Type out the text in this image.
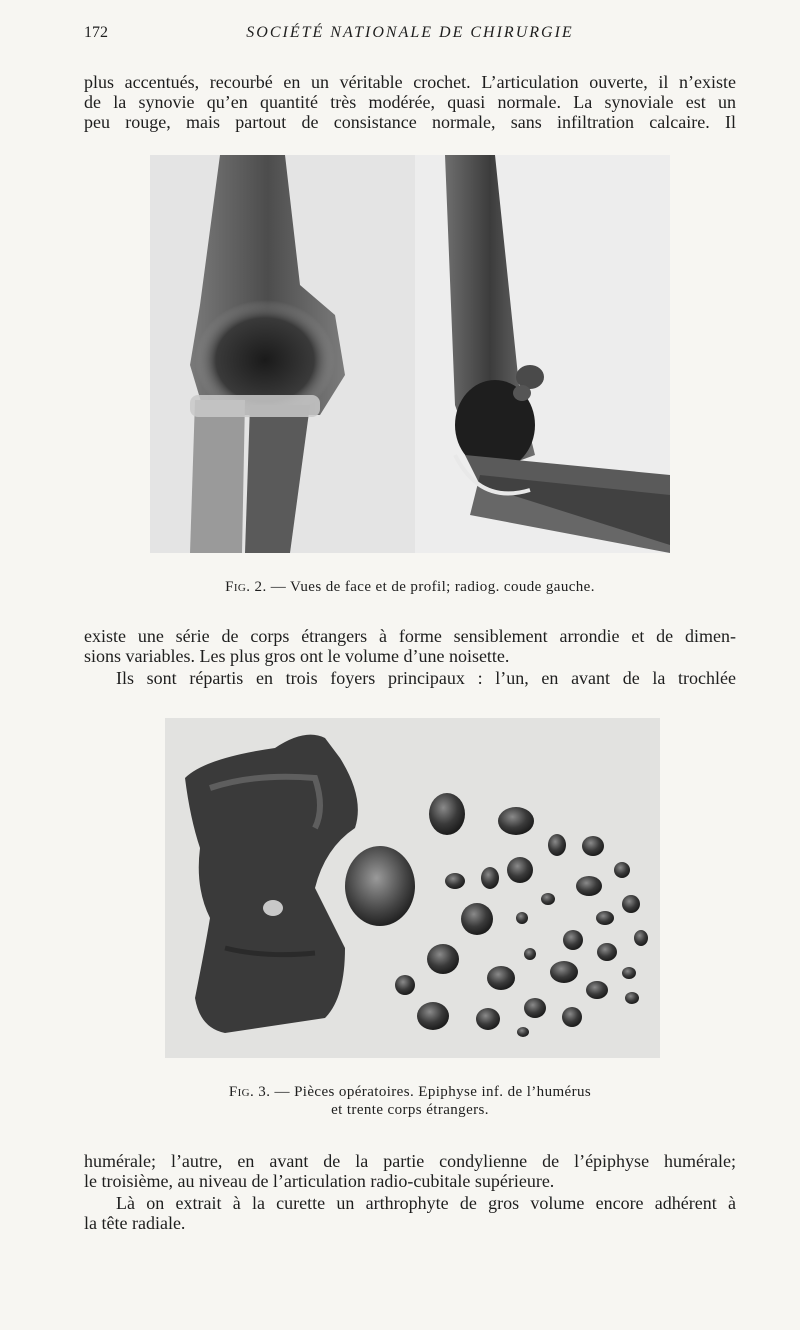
172	SOCIÉTÉ NATIONALE DE CHIRURGIE

plus accentués, recourbé en un véritable crochet. L’articulation ouverte, il n’existe

de la synovie qu’en quantité très modérée, quasi normale. La synoviale est un

peu rouge, mais partout de consistance normale, sans infiltration calcaire. Il

Fig. 2. — Vues de face et de profil; radiog. coude gauche.

existe une série de corps étrangers à forme sensiblement arrondie et de dimen-

sions variables. Les plus gros ont le volume d’une noisette.

Ils sont répartis en trois foyers principaux : l’un, en avant de la trochlée

Fig. 3. — Pièces opératoires. Epiphyse inf. de l’humérus
et trente corps étrangers.

humérale; l’autre, en avant de la partie condylienne de l’épiphyse humérale;

le troisième, au niveau de l’articulation radio-cubitale supérieure.

Là on extrait à la curette un arthrophyte de gros volume encore adhérent à

la tête radiale.
